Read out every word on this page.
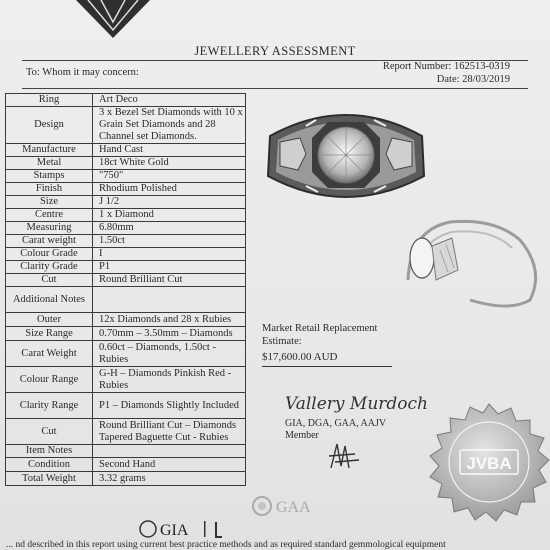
JEWELLERY ASSESSMENT
To: Whom it may concern:
Report Number: 162513-0319
Date: 28/03/2019
Ring	Art Deco
Design	3 x Bezel Set Diamonds with 10 x Grain Set Diamonds and 28 Channel set Diamonds.
Manufacture	Hand Cast
Metal	18ct White Gold
Stamps	"750"
Finish	Rhodium Polished
Size	J 1/2
Centre	1 x Diamond
Measuring	6.80mm
Carat weight	1.50ct
Colour Grade	I
Clarity Grade	P1
Cut	Round Brilliant Cut
Additional Notes	
Outer	12x Diamonds and 28 x Rubies
Size Range	0.70mm – 3.50mm – Diamonds
Carat Weight	0.60ct – Diamonds, 1.50ct - Rubies
Colour Range	G-H – Diamonds Pinkish Red - Rubies
Clarity Range	P1 – Diamonds Slightly Included
Cut	Round Brilliant Cut – Diamonds Tapered Baguette Cut - Rubies
Item Notes	
Condition	Second Hand
Total Weight	3.32 grams
Market Retail Replacement
Estimate:
$17,600.00 AUD
Vallery Murdoch
GIA, DGA, GAA, AAJV
Member
JVBA
GAA
GIA
... nd described in this report using current best practice methods and as required standard gemmological equipment
